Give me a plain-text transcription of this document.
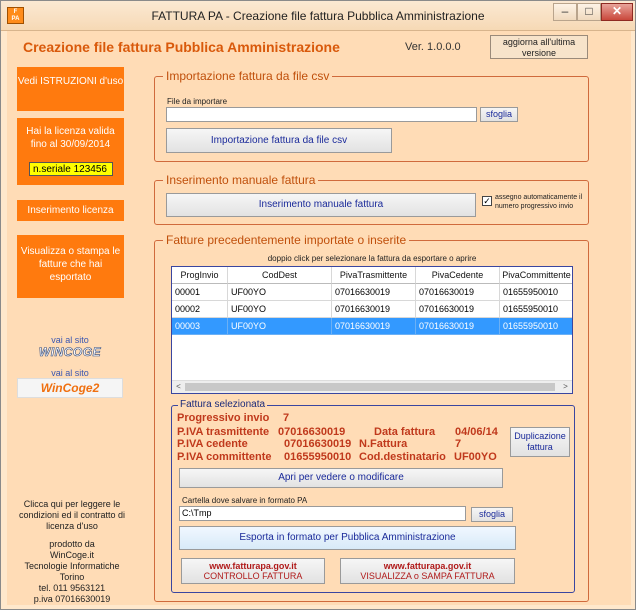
F
PA	FATTURA PA - Creazione file fattura Pubblica Amministrazione	–	□	✕
Creazione file fattura Pubblica Amministrazione	Ver. 1.0.0.0	aggiorna all'ultima versione
Vedi ISTRUZIONI d'uso
Hai la licenza valida fino al 30/09/2014
n.seriale 123456
Inserimento licenza
Visualizza o stampa le fatture che hai esportato
vai al sito
WINCOGE
vai al sito
WinCoge2
Clicca qui per leggere le condizioni ed il contratto di licenza d'uso
prodotto da
WinCoge.it
Tecnologie Informatiche
Torino
tel. 011 9563121
p.iva 07016630019
Importazione fattura da file csv
File da importare
sfoglia
Importazione fattura da file csv
Inserimento manuale fattura
Inserimento manuale fattura	✓ assegno automaticamente il numero progressivo invio
Fatture precedentemente importate o inserite
doppio click per selezionare la fattura da esportare o aprire
ProgInvio	CodDest	PivaTrasmittente	PivaCedente	PivaCommittente
00001	UF00YO	07016630019	07016630019	01655950010
00002	UF00YO	07016630019	07016630019	01655950010
00003	UF00YO	07016630019	07016630019	01655950010
<	>
Fattura selezionata
Progressivo invio 7
P.IVA trasmittente 07016630019	Data fattura 04/06/14
P.IVA cedente	07016630019 N.Fattura	7
P.IVA committente 01655950010 Cod.destinatario UF00YO
Duplicazione fattura
Apri per vedere o modificare
Cartella dove salvare in formato PA
C:\Tmp	sfoglia
Esporta in formato per Pubblica Amministrazione
www.fatturapa.gov.it
CONTROLLO FATTURA
www.fatturapa.gov.it
VISUALIZZA o SAMPA FATTURA
